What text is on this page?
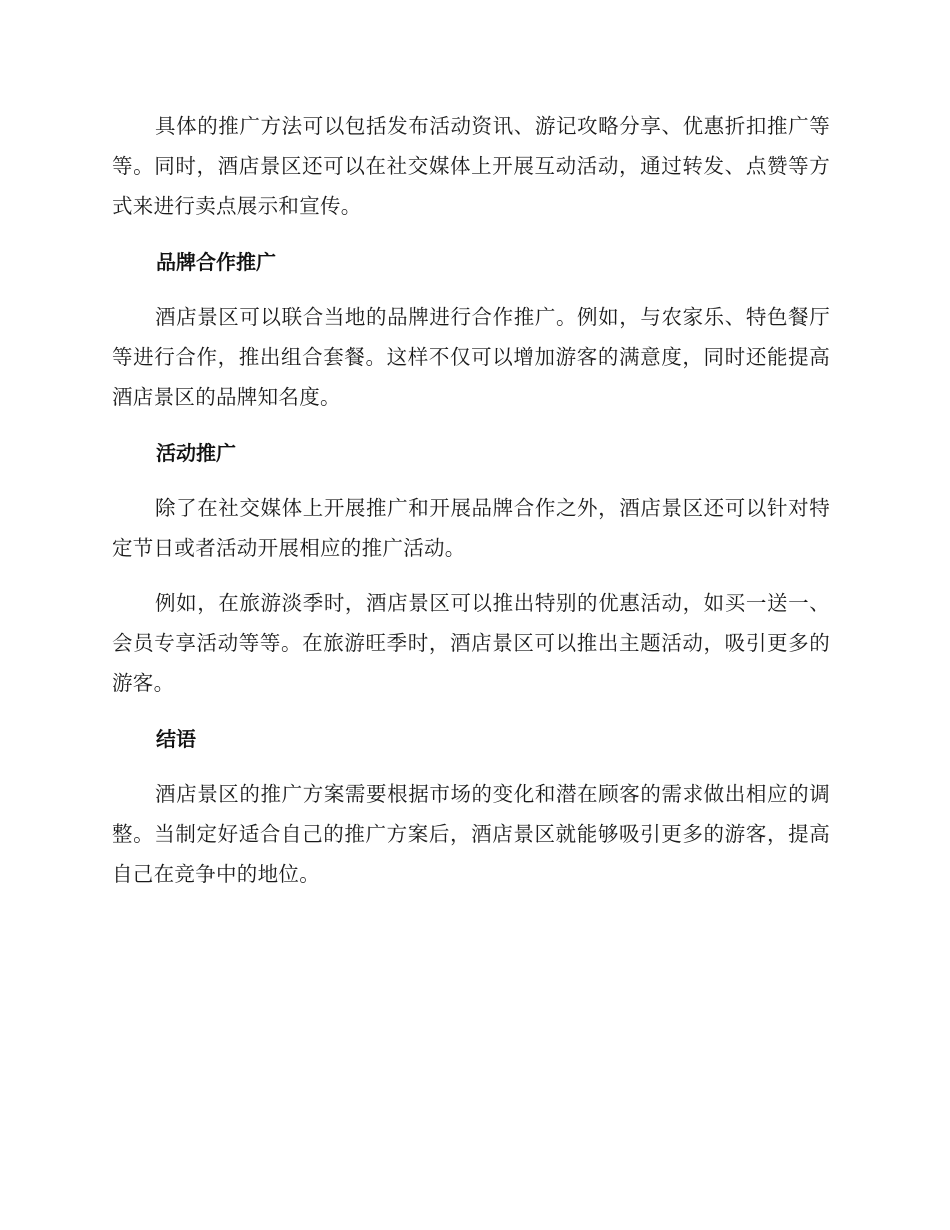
具体的推广方法可以包括发布活动资讯、游记攻略分享、优惠折扣推广等等。同时，酒店景区还可以在社交媒体上开展互动活动，通过转发、点赞等方式来进行卖点展示和宣传。

品牌合作推广

酒店景区可以联合当地的品牌进行合作推广。例如，与农家乐、特色餐厅等进行合作，推出组合套餐。这样不仅可以增加游客的满意度，同时还能提高酒店景区的品牌知名度。

活动推广

除了在社交媒体上开展推广和开展品牌合作之外，酒店景区还可以针对特定节日或者活动开展相应的推广活动。

例如，在旅游淡季时，酒店景区可以推出特别的优惠活动，如买一送一、会员专享活动等等。在旅游旺季时，酒店景区可以推出主题活动，吸引更多的游客。

结语

酒店景区的推广方案需要根据市场的变化和潜在顾客的需求做出相应的调整。当制定好适合自己的推广方案后，酒店景区就能够吸引更多的游客，提高自己在竞争中的地位。
